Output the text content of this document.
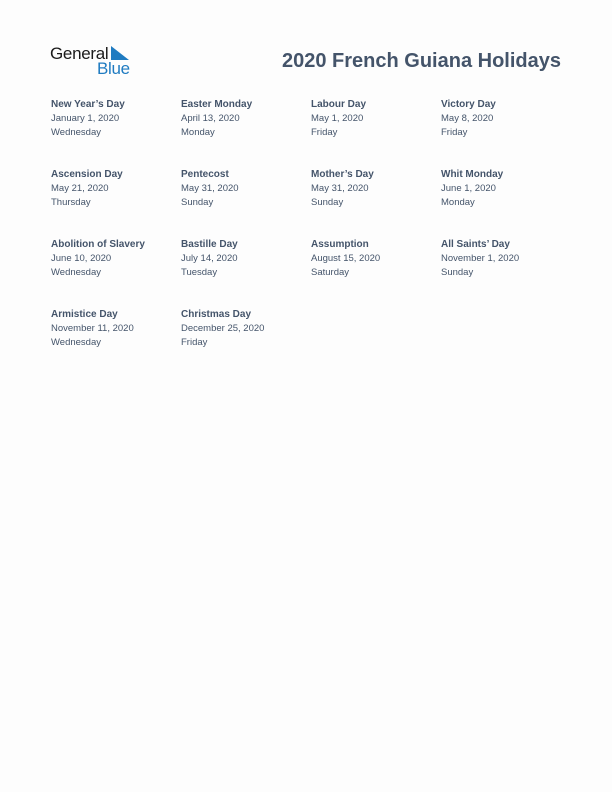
General
Blue	2020 French Guiana Holidays
New Year’s Day
January 1, 2020
Wednesday
Easter Monday
April 13, 2020
Monday
Labour Day
May 1, 2020
Friday
Victory Day
May 8, 2020
Friday
Ascension Day
May 21, 2020
Thursday
Pentecost
May 31, 2020
Sunday
Mother’s Day
May 31, 2020
Sunday
Whit Monday
June 1, 2020
Monday
Abolition of Slavery
June 10, 2020
Wednesday
Bastille Day
July 14, 2020
Tuesday
Assumption
August 15, 2020
Saturday
All Saints’ Day
November 1, 2020
Sunday
Armistice Day
November 11, 2020
Wednesday
Christmas Day
December 25, 2020
Friday
